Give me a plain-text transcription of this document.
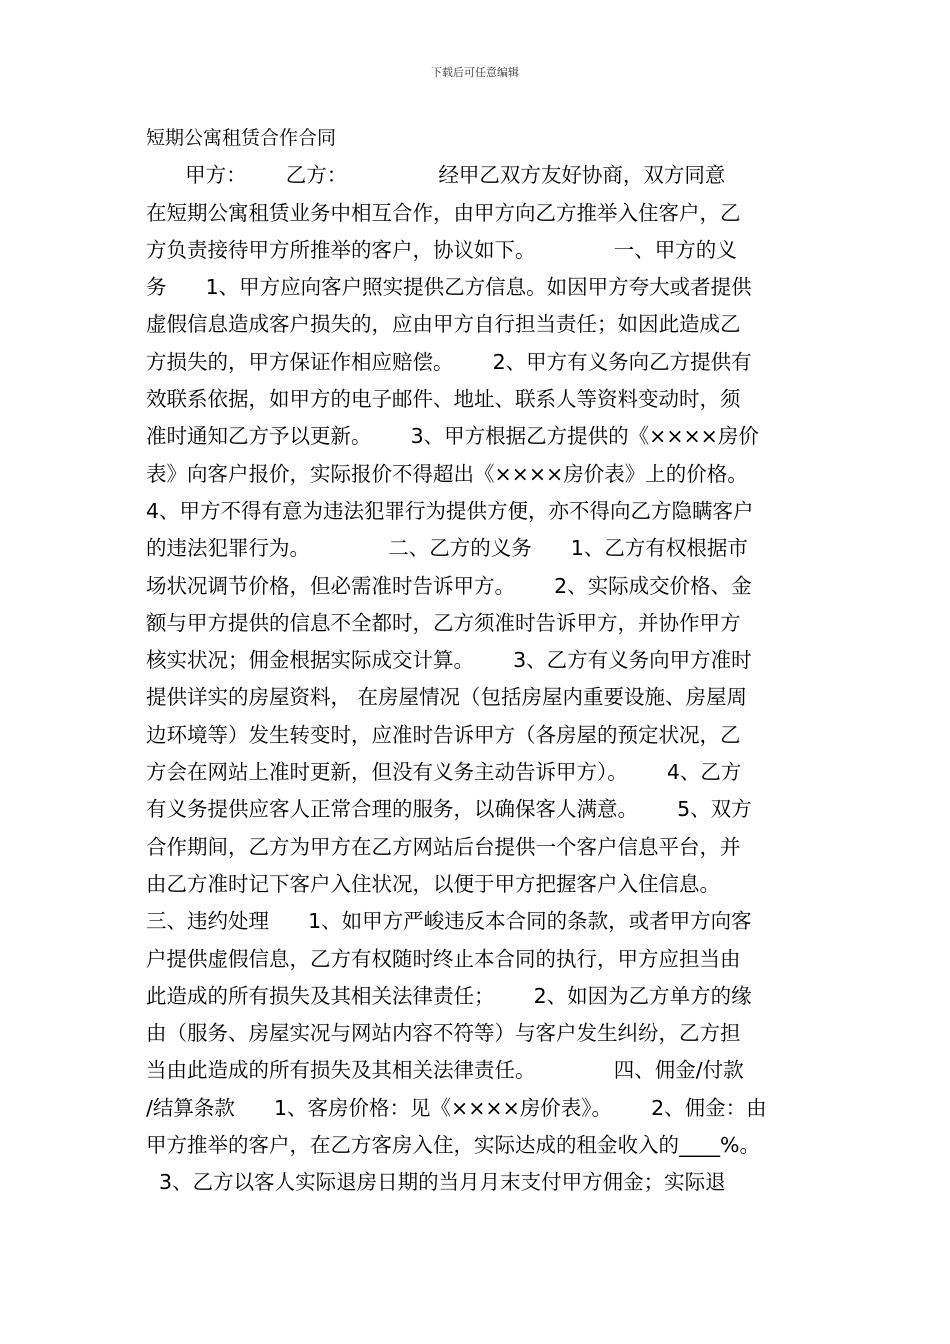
下载后可任意编辑
短期公寓租赁合作合同
甲方：      乙方：              经甲乙双方友好协商，双方同意
在短期公寓租赁业务中相互合作，由甲方向乙方推举入住客户，乙
方负责接待甲方所推举的客户，协议如下。            一、甲方的义
务      1、甲方应向客户照实提供乙方信息。如因甲方夸大或者提供
虚假信息造成客户损失的，应由甲方自行担当责任；如因此造成乙
方损失的，甲方保证作相应赔偿。      2、甲方有义务向乙方提供有
效联系依据，如甲方的电子邮件、地址、联系人等资料变动时，须
准时通知乙方予以更新。      3、甲方根据乙方提供的《××××房价
表》向客户报价，实际报价不得超出《××××房价表》上的价格。
4、甲方不得有意为违法犯罪行为提供方便，亦不得向乙方隐瞒客户
的违法犯罪行为。            二、乙方的义务      1、乙方有权根据市
场状况调节价格，但必需准时告诉甲方。      2、实际成交价格、金
额与甲方提供的信息不全都时，乙方须准时告诉甲方，并协作甲方
核实状况；佣金根据实际成交计算。      3、乙方有义务向甲方准时
提供详实的房屋资料， 在房屋情况（包括房屋内重要设施、房屋周
边环境等）发生转变时，应准时告诉甲方（各房屋的预定状况，乙
方会在网站上准时更新，但没有义务主动告诉甲方）。      4、乙方
有义务提供应客人正常合理的服务，以确保客人满意。      5、双方
合作期间，乙方为甲方在乙方网站后台提供一个客户信息平台，并
由乙方准时记下客户入住状况，以便于甲方把握客户入住信息。
三、违约处理      1、如甲方严峻违反本合同的条款，或者甲方向客
户提供虚假信息，乙方有权随时终止本合同的执行，甲方应担当由
此造成的所有损失及其相关法律责任；      2、如因为乙方单方的缘
由（服务、房屋实况与网站内容不符等）与客户发生纠纷，乙方担
当由此造成的所有损失及其相关法律责任。            四、佣金/付款
/结算条款      1、客房价格：见《××××房价表》。      2、佣金：由
甲方推举的客户，在乙方客房入住，实际达成的租金收入的____%。
3、乙方以客人实际退房日期的当月月末支付甲方佣金；实际退
